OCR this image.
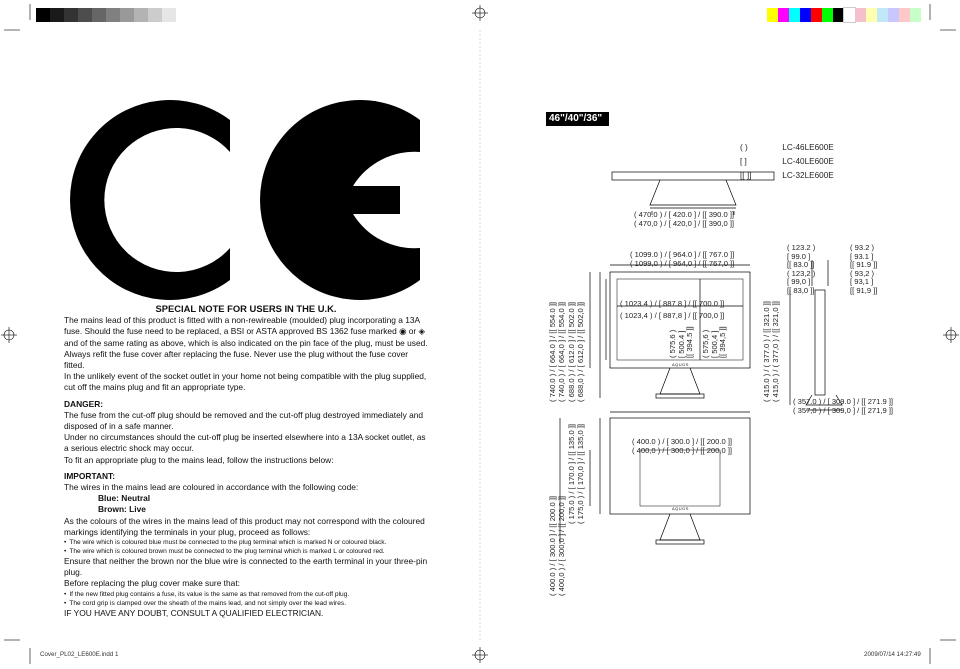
SPECIAL NOTE FOR USERS IN THE U.K.

The mains lead of this product is fitted with a non-rewireable (moulded) plug incorporating a 13A fuse. Should the fuse need to be replaced, a BSI or ASTA approved BS 1362 fuse marked ◉ or ◈ and of the same rating as above, which is also indicated on the pin face of the plug, must be used.

Always refit the fuse cover after replacing the fuse. Never use the plug without the fuse cover fitted.

In the unlikely event of the socket outlet in your home not being compatible with the plug supplied, cut off the mains plug and fit an appropriate type.

DANGER:

The fuse from the cut-off plug should be removed and the cut-off plug destroyed immediately and disposed of in a safe manner.

Under no circumstances should the cut-off plug be inserted elsewhere into a 13A socket outlet, as a serious electric shock may occur.

To fit an appropriate plug to the mains lead, follow the instructions below:

IMPORTANT:

The wires in the mains lead are coloured in accordance with the following code:

Blue: Neutral

Brown: Live

As the colours of the wires in the mains lead of this product may not correspond with the coloured markings identifying the terminals in your plug, proceed as follows:

• The wire which is coloured blue must be connected to the plug terminal which is marked N or coloured black.
• The wire which is coloured brown must be connected to the plug terminal which is marked L or coloured red.

Ensure that neither the brown nor the blue wire is connected to the earth terminal in your three-pin plug.

Before replacing the plug cover make sure that:

• If the new fitted plug contains a fuse, its value is the same as that removed from the cut-off plug.
• The cord grip is clamped over the sheath of the mains lead, and not simply over the lead wires.

IF YOU HAVE ANY DOUBT, CONSULT A QUALIFIED ELECTRICIAN.

46"/40"/36"
( )	LC-46LE600E
[ ]	LC-40LE600E
[[ ]]	LC-32LE600E
( 470.0 ) / [ 420.0 ] / [[ 390.0 ]]
( 470,0 ) / [ 420,0 ] / [[ 390,0 ]]
( 1099.0 ) / [ 964.0 ] / [[ 767.0 ]]
( 1099,0 ) / [ 964,0 ] / [[ 767,0 ]]
( 1023.4 ) / [ 887.8 ] / [[ 700.0 ]]
( 1023,4 ) / [ 887,8 ] / [[ 700,0 ]]
( 123.2 )
[ 99.0 ]
[[ 83.0 ]]
( 123,2 )
[ 99,0 ]
[[ 83,0 ]]
( 93.2 )
[ 93.1 ]
[[ 91.9 ]]
( 93,2 )
[ 93,1 ]
[[ 91,9 ]]
( 357.0 ) / [ 309.0 ] / [[ 271.9 ]]
( 357,0 ) / [ 309,0 ] / [[ 271,9 ]]
( 400.0 ) / [ 300.0 ] / [[ 200.0 ]]
( 400,0 ) / [ 300,0 ] / [[ 200,0 ]]
( 740.0 ) / [ 664.0 ] / [[ 554.0 ]] ( 740,0 ) / [ 664,0 ] / [[ 554,0 ]] ( 688.0 ) / [ 612.0 ] / [[ 502.0 ]] ( 688,0 ) / [ 612,0 ] / [[ 502,0 ]]	( 575.6 ) [ 500.4 ] [[ 394.5 ]] ( 575,6 ) [ 500,4 ] [[ 394,5 ]]	( 415.0 ) / ( 377.0 ) / [[ 321.0 ]] ( 415,0 ) / ( 377,0 ) / [[ 321,0 ]]
( 400.0 ) / [ 300.0 ] / [[ 200.0 ]] ( 400,0 ) / [ 300,0 ] / [[ 200,0 ]]
( 175.0 ) / [ 170.0 ] / [[ 135.0 ]] ( 175,0 ) / [ 170,0 ] / [[ 135,0 ]]
AQUOS
AQUOS
Cover_PL02_LE600E.indd 1	2009/07/14 14:27:49
